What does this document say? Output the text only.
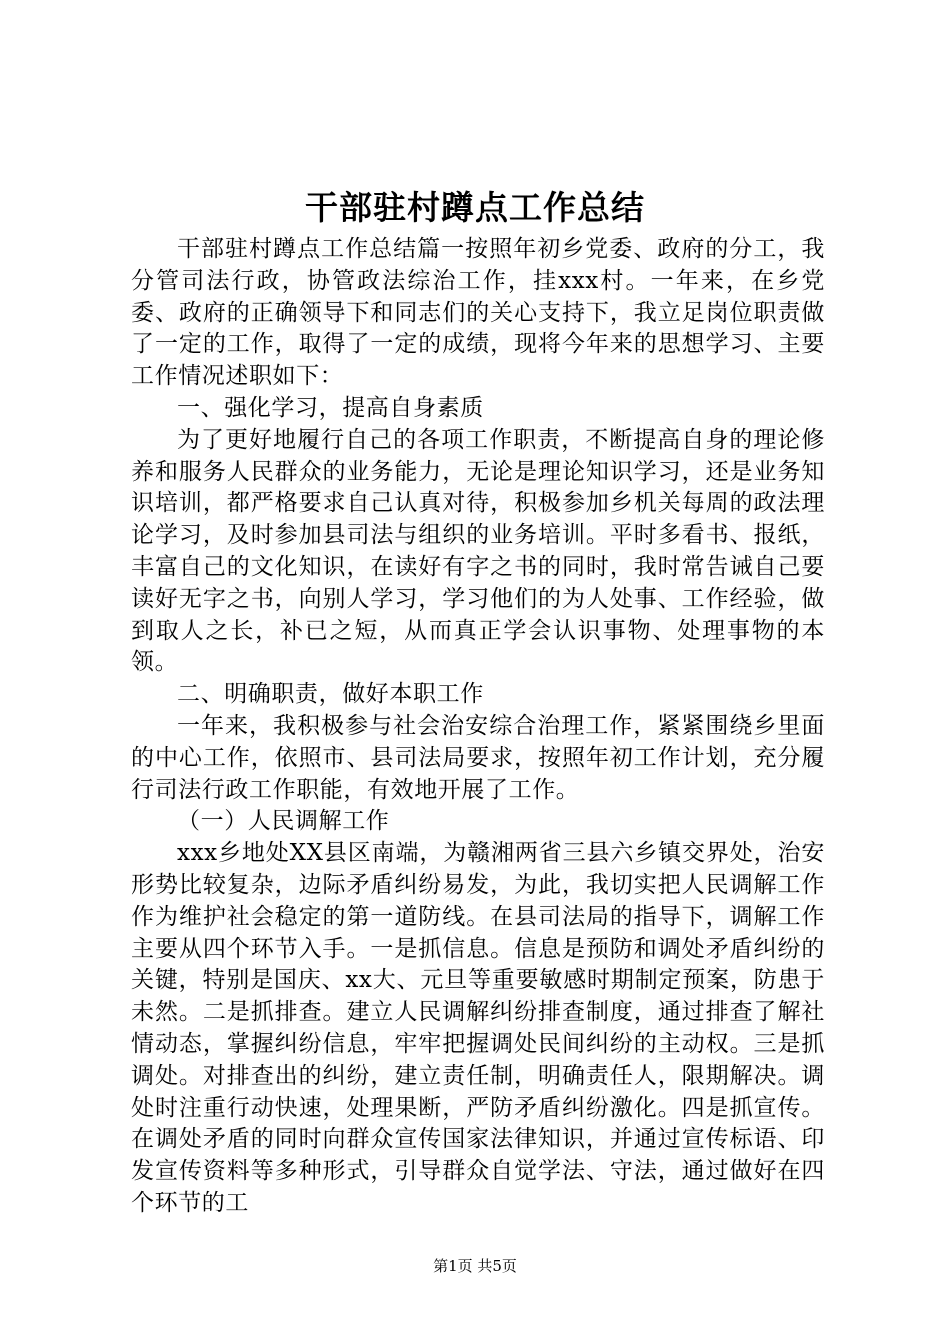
干部驻村蹲点工作总结

干部驻村蹲点工作总结篇一按照年初乡党委、政府的分工，我分管司法行政，协管政法综治工作，挂xxx村。一年来，在乡党委、政府的正确领导下和同志们的关心支持下，我立足岗位职责做了一定的工作，取得了一定的成绩，现将今年来的思想学习、主要工作情况述职如下：

一、强化学习，提高自身素质

为了更好地履行自己的各项工作职责，不断提高自身的理论修养和服务人民群众的业务能力，无论是理论知识学习，还是业务知识培训，都严格要求自己认真对待，积极参加乡机关每周的政法理论学习，及时参加县司法与组织的业务培训。平时多看书、报纸，丰富自己的文化知识，在读好有字之书的同时，我时常告诫自己要读好无字之书，向别人学习，学习他们的为人处事、工作经验，做到取人之长，补已之短，从而真正学会认识事物、处理事物的本领。

二、明确职责，做好本职工作

一年来，我积极参与社会治安综合治理工作，紧紧围绕乡里面的中心工作，依照市、县司法局要求，按照年初工作计划，充分履行司法行政工作职能，有效地开展了工作。

（一）人民调解工作

xxx乡地处XX县区南端，为赣湘两省三县六乡镇交界处，治安形势比较复杂，边际矛盾纠纷易发，为此，我切实把人民调解工作作为维护社会稳定的第一道防线。在县司法局的指导下，调解工作主要从四个环节入手。一是抓信息。信息是预防和调处矛盾纠纷的关键，特别是国庆、xx大、元旦等重要敏感时期制定预案，防患于未然。二是抓排查。建立人民调解纠纷排查制度，通过排查了解社情动态，掌握纠纷信息，牢牢把握调处民间纠纷的主动权。三是抓调处。对排查出的纠纷，建立责任制，明确责任人，限期解决。调处时注重行动快速，处理果断，严防矛盾纠纷激化。四是抓宣传。在调处矛盾的同时向群众宣传国家法律知识，并通过宣传标语、印发宣传资料等多种形式，引导群众自觉学法、守法，通过做好在四个环节的工

第1页 共5页
